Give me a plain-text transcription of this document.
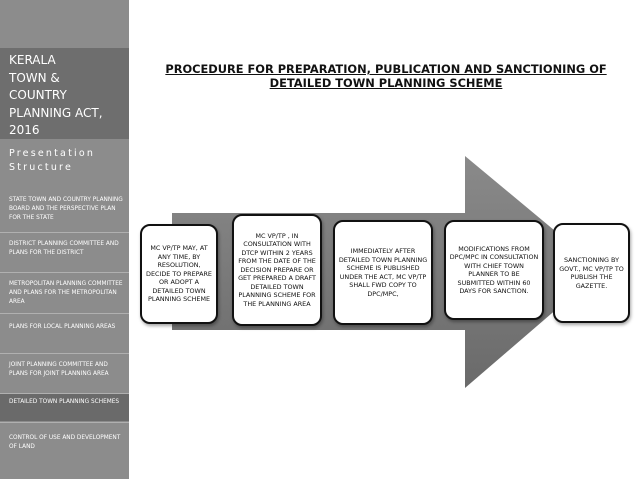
KERALA
TOWN &
COUNTRY
PLANNING ACT,
2016
Presentation
Structure
STATE TOWN AND COUNTRY PLANNING BOARD AND THE PERSPECTIVE PLAN FOR THE STATE
DISTRICT PLANNING COMMITTEE AND PLANS FOR THE DISTRICT
METROPOLITAN PLANNING COMMITTEE AND PLANS FOR THE METROPOLITAN AREA
PLANS FOR LOCAL PLANNING AREAS
JOINT PLANNING COMMITTEE AND PLANS FOR JOINT PLANNING AREA
DETAILED TOWN PLANNING SCHEMES
CONTROL OF USE AND DEVELOPMENT OF LAND
PROCEDURE FOR PREPARATION, PUBLICATION AND SANCTIONING OF
DETAILED TOWN PLANNING SCHEME
MC VP/TP MAY, AT ANY TIME, BY RESOLUTION, DECIDE TO PREPARE OR ADOPT A DETAILED TOWN PLANNING SCHEME
MC VP/TP , IN CONSULTATION WITH DTCP WITHIN 2 YEARS FROM THE DATE OF THE DECISION PREPARE OR GET PREPARED A DRAFT DETAILED TOWN PLANNING SCHEME FOR THE PLANNING AREA
IMMEDIATELY AFTER DETAILED TOWN PLANNING SCHEME IS PUBLISHED UNDER THE ACT, MC VP/TP SHALL FWD COPY TO DPC/MPC,
MODIFICATIONS FROM DPC/MPC IN CONSULTATION WITH CHIEF TOWN PLANNER TO BE SUBMITTED WITHIN 60 DAYS FOR SANCTION.
SANCTIONING BY GOVT., MC VP/TP TO PUBLISH THE GAZETTE.
